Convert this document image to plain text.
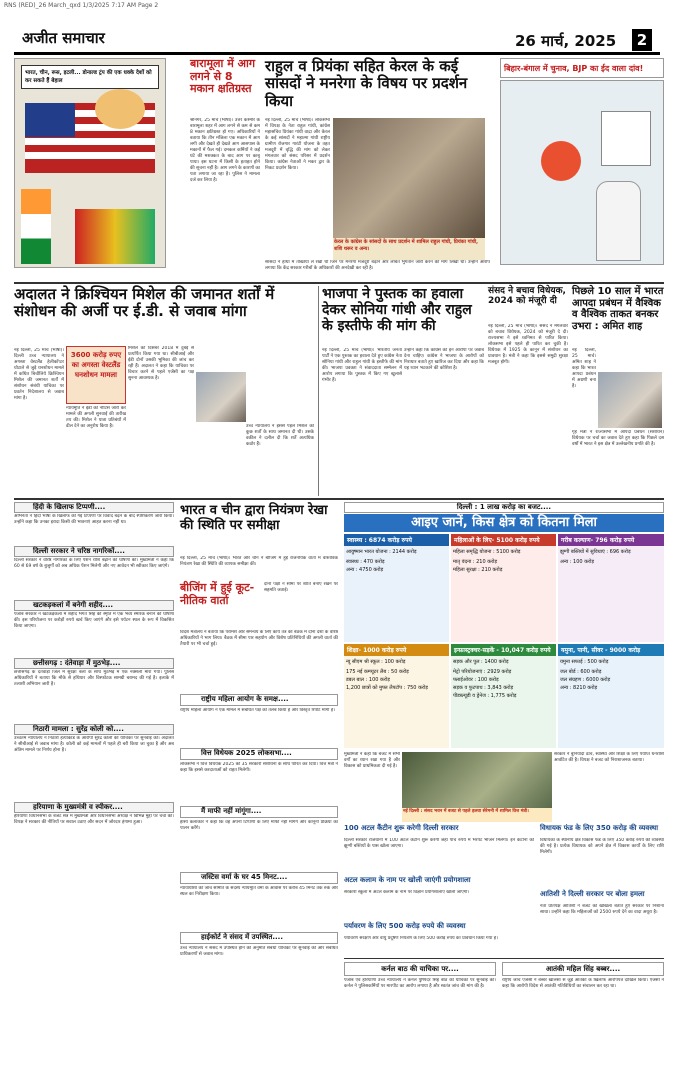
RNS (RED)_26 March_qxd 1/3/2025 7:17 AM Page 2
अजीत समाचार	26 मार्च, 2025	2
भारत, चीन, रूस, इटली... डोनाल्ड ट्रंप की एक धक्के देशों को कर सकते हैं बेहाल
बारामूला में आग लगने से 8 मकान क्षतिग्रस्त
श्रीनगर, 25 मार्च (भाषा)। उत्तर कश्मीर के बारामूला शहर में आग लगने से कम से कम 8 मकान क्षतिग्रस्त हो गए। अधिकारियों ने बताया कि तीन मंजिला एक मकान में आग लगी और देखते ही देखते आग आसपास के मकानों में फैल गई। दमकल कर्मियों ने कई घंटे की मशक्कत के बाद आग पर काबू पाया। इस घटना में किसी के हताहत होने की सूचना नहीं है। आग लगने के कारणों का पता लगाया जा रहा है। पुलिस ने मामला दर्ज कर लिया है।
राहुल व प्रियंका सहित केरल के कई सांसदों ने मनरेगा के विषय पर प्रदर्शन किया
नई दिल्ली, 25 मार्च (भाषा)। लोकसभा में विपक्ष के नेता राहुल गांधी, कांग्रेस महासचिव प्रियंका गांधी वाद्रा और केरल के कई सांसदों ने महात्मा गांधी राष्ट्रीय ग्रामीण रोजगार गारंटी योजना के तहत मजदूरी में वृद्धि की मांग को लेकर मंगलवार को संसद परिसर में प्रदर्शन किया। कांग्रेस नेताओं ने मकर द्वार के निकट प्रदर्शन किया।
केरल के कांग्रेस के सांसदों के साथ प्रदर्शन में शामिल राहुल गांधी, प्रियंका गांधी, शशि थरूर व अन्य।
सांसदों ने हाथों में तख्तियां ले रखी थीं जिन पर मनरेगा मजदूरी बढ़ाने और लंबित भुगतान जारी करने की मांग लिखी थी। उन्होंने आरोप लगाया कि केंद्र सरकार गरीबों के अधिकारों की अनदेखी कर रही है।
बिहार-बंगाल में चुनाव, BJP का ईद वाला दांव!
अदालत ने क्रिश्चियन मिशेल की जमानत शर्तों में संशोधन की अर्जी पर ई.डी. से जवाब मांगा
नई दिल्ली, 25 मार्च (भाषा)। दिल्ली उच्च न्यायालय ने अगस्ता वेस्टलैंड हेलीकॉप्टर घोटाले से जुड़े धनशोधन मामले में कथित बिचौलिये क्रिश्चियन मिशेल की जमानत शर्तों में संशोधन संबंधी याचिका पर प्रवर्तन निदेशालय से जवाब मांगा है।
3600 करोड़ रुपए का अगस्ता वेस्टलैंड घनशोधन मामला
न्यायमूर्ति ने ईडी को नोटिस जारी कर मामले की अगली सुनवाई की तारीख तय की। मिशेल ने यात्रा प्रतिबंधों में ढील देने का अनुरोध किया है।
मिशेल को दिसंबर 2018 में दुबई से प्रत्यर्पित किया गया था। सीबीआई और ईडी दोनों उसकी भूमिका की जांच कर रही हैं। अदालत ने कहा कि याचिका पर विचार करने से पहले एजेंसी का पक्ष सुनना आवश्यक है।
उच्च न्यायालय ने इससे पहले मिशेल को कुछ शर्तों के साथ जमानत दी थी। उसके वकील ने दलील दी कि शर्तें अत्यधिक कठोर हैं।
भाजपा ने पुस्तक का हवाला देकर सोनिया गांधी और राहुल के इस्तीफे की मांग की
नई दिल्ली, 25 मार्च (भाषा)। भारतीय जनता पार्टी ने एक पुस्तक का हवाला देते हुए कांग्रेस नेता सोनिया गांधी और राहुल गांधी के इस्तीफे की मांग की। भाजपा प्रवक्ता ने संवाददाता सम्मेलन में आरोप लगाया कि पुस्तक में किए गए खुलासे गंभीर हैं।
उन्होंने कहा कि कांग्रेस को इन आरोपों पर जवाब देना चाहिए। कांग्रेस ने भाजपा के आरोपों को निराधार बताते हुए खारिज कर दिया और कहा कि यह ध्यान भटकाने की कोशिश है।
संसद ने बचाव विधेयक, 2024 को मंजूरी दी
नई दिल्ली, 25 मार्च (भाषा)। संसद ने मंगलवार को बचाव विधेयक, 2024 को मंजूरी दे दी। राज्यसभा ने इसे ध्वनिमत से पारित किया। लोकसभा इसे पहले ही पारित कर चुकी है। विधेयक में 1925 के कानून में संशोधन का प्रावधान है। मंत्री ने कहा कि इससे समुद्री सुरक्षा मजबूत होगी।
पिछले 10 साल में भारत आपदा प्रबंधन में वैश्विक व वैश्विक ताकत बनकर उभरा : अमित शाह
नई दिल्ली, 25 मार्च। अमित शाह ने कहा कि भारत आपदा प्रबंधन में अग्रणी बना है।
गृह मंत्री ने राज्यसभा में आपदा प्रबंधन (संशोधन) विधेयक पर चर्चा का जवाब देते हुए कहा कि पिछले दस वर्षों में भारत ने इस क्षेत्र में उल्लेखनीय प्रगति की है।
हिंदी के खिलाफ टिप्पणी....
अभिनेता ने हिंदी भाषा के खिलाफ की गई टिप्पणी पर विवाद बढ़ने के बाद स्पष्टीकरण जारी किया। उन्होंने कहा कि उनका इरादा किसी की भावनाएं आहत करना नहीं था।
दिल्ली सरकार ने चरिष्ठ नागरिकों....
दिल्ली सरकार ने वरिष्ठ नागरिकों के लिए पेंशन राशि बढ़ाने की घोषणा की। मुख्यमंत्री ने कहा कि 60 से 69 वर्ष के बुजुर्गों को अब अधिक पेंशन मिलेगी और नए आवेदन भी स्वीकार किए जाएंगे।
खटकड़कलां में बनेगी शहीद....
पंजाब सरकार ने खटकड़कलां में शहीद भगत सिंह की स्मृति में एक भव्य स्मारक बनाने की घोषणा की। इस परियोजना पर करोड़ों रुपये खर्च किए जाएंगे और इसे पर्यटन स्थल के रूप में विकसित किया जाएगा।
छत्तीसगढ़ : दंतेवाड़ा में मुठभेड़....
छत्तीसगढ़ के दंतेवाड़ा जिले में सुरक्षा बलों के साथ मुठभेड़ में एक नक्सली मारा गया। पुलिस अधिकारियों ने बताया कि मौके से हथियार और विस्फोटक सामग्री बरामद की गई है। इलाके में तलाशी अभियान जारी है।
निठारी मामला : सुरेंद्र कोली को....
उच्चतम न्यायालय ने निठारी हत्याकांड के आरोपी सुरेंद्र कोली की याचिका पर सुनवाई की। अदालत ने सीबीआई से जवाब मांगा है। कोली को कई मामलों में पहले ही बरी किया जा चुका है और अब अंतिम मामले पर निर्णय होना है।
हरियाणा के मुख्यमंत्री व स्पीकर....
हरियाणा विधानसभा के बजट सत्र में मुख्यमंत्री और विधानसभा अध्यक्ष ने विभिन्न मुद्दों पर चर्चा की। विपक्ष ने सरकार की नीतियों पर सवाल उठाए और सदन में जोरदार हंगामा हुआ।
भारत व चीन द्वारा नियंत्रण रेखा की स्थिति पर समीक्षा
नई दिल्ली, 25 मार्च (भाषा)। भारत और चीन ने बीजिंग में हुई राजनयिक वार्ता में वास्तविक नियंत्रण रेखा की स्थिति की व्यापक समीक्षा की।
बीजिंग में हुई कूट-नीतिक वार्ता
दोनों पक्षों ने सीमा पर शांति बनाए रखने पर सहमति जताई।
विदेश मंत्रालय ने बताया कि परामर्श और समन्वय के लिए कार्य तंत्र की बैठक में दोनों देशों के वरिष्ठ अधिकारियों ने भाग लिया। बैठक में सीमा पार सहयोग और विशेष प्रतिनिधियों की अगली वार्ता की तैयारी पर भी चर्चा हुई।
राष्ट्रीय महिला आयोग के समक्ष....
राष्ट्रीय महिला आयोग ने एक मामले में संबंधित पक्ष को तलब किया है और विस्तृत रिपोर्ट मांगी है।
वित्त विधेयक 2025 लोकसभा....
लोकसभा ने वित्त विधेयक 2025 को 35 सरकारी संशोधनों के साथ पारित कर दिया। वित्त मंत्री ने कहा कि इससे करदाताओं को राहत मिलेगी।
मैं माफी नहीं मांगूंगा....
हास्य कलाकार ने कहा कि वह अपनी टिप्पणी के लिए माफी नहीं मांगेंगे और कानूनी प्रक्रिया का पालन करेंगे।
जस्टिस वर्मा के घर 45 मिनट....
न्यायाधीशों की जांच समिति के सदस्य न्यायमूर्ति वर्मा के आवास पर करीब 45 मिनट तक रुके और स्थल का निरीक्षण किया।
हाईकोर्ट ने संसद में उपस्थित....
उच्च न्यायालय ने संसद में उपस्थित होने की अनुमति संबंधी याचिका पर सुनवाई की और संबंधित प्राधिकरणों से जवाब मांगा।
दिल्ली : 1 लाख करोड़ का बजट....
आइए जानें, किस क्षेत्र को कितना मिला
स्वास्थ्य : 6874 करोड़ रुपये
आयुष्मान भारत योजना : 2144 करोड़
स्वास्थ्य : 470 करोड़
अन्य : 4750 करोड़
महिलाओं के लिए- 5100 करोड़ रुपये
महिला समृद्धि योजना : 5100 करोड़
मातृ वंदना : 210 करोड़
महिला सुरक्षा : 210 करोड़
गरीब कल्याण- 796 करोड़ रुपये
झुग्गी बस्तियों में सुविधाएं : 696 करोड़
अन्य : 100 करोड़
शिक्षा- 1000 करोड़ रुपये
न्यू सीएम श्री स्कूल : 100 करोड़
175 नई कम्प्यूटर लैब : 50 करोड़
डबल बाल : 100 करोड़
1,200 छात्रों को मुफ्त लैपटॉप : 750 करोड़
इन्फ्रास्ट्रक्चर-सड़कें - 10,047 करोड़ रुपये
सड़क और पुल : 1400 करोड़
मेट्रो परियोजनाएं : 2929 करोड़
फ्लाईओवर : 100 करोड़
सड़क व फुटपाथ : 3,843 करोड़
पीडब्ल्यूडी व ड्रेनेज : 1,775 करोड़
यमुना, पानी, सीवर - 9000 करोड़
यमुना सफाई : 500 करोड़
जल बोर्ड : 600 करोड़
जल संग्रहण : 6000 करोड़
अन्य : 8210 करोड़
मुख्यमंत्री ने कहा कि बजट में सभी वर्गों का ध्यान रखा गया है और विकास को प्राथमिकता दी गई है।
नई दिल्ली : संसद भवन में बजट से पहले हलवा सेरेमनी में शामिल वित्त मंत्री।
सरकार ने बुनियादी ढांचे, स्वास्थ्य और शिक्षा के लिए पर्याप्त धनराशि आवंटित की है। विपक्ष ने बजट को निराशाजनक बताया।
100 अटल कैंटीन शुरू करेगी दिल्ली सरकार
दिल्ली सरकार राजधानी में 100 अटल कैंटीन शुरू करेगी जहां पांच रुपये में भरपेट भोजन मिलेगा। इन कैंटीनों को झुग्गी बस्तियों के पास खोला जाएगा।
अटल कलाम के नाम पर खोली जाएंगी प्रयोगशाला
सरकारी स्कूलों में अटल कलाम के नाम पर विज्ञान प्रयोगशालाएं खोली जाएंगी।
पर्यावरण के लिए 500 करोड़ रुपये की व्यवस्था
पर्यावरण संरक्षण और वायु प्रदूषण नियंत्रण के लिए 500 करोड़ रुपये का प्रावधान किया गया है।
विधायक फंड के लिए 350 करोड़ की व्यवस्था
विधायकों के स्थानीय क्षेत्र विकास फंड के लिए 350 करोड़ रुपये की व्यवस्था की गई है। प्रत्येक विधायक को अपने क्षेत्र में विकास कार्यों के लिए राशि मिलेगी।
आतिशी ने दिल्ली सरकार पर बोला हमला
नेता प्रतिपक्ष आतिशी ने बजट को खोखला बताते हुए सरकार पर निशाना साधा। उन्होंने कहा कि महिलाओं को 2500 रुपये देने का वादा अधूरा है।
कर्नल बाठ की याचिका पर....
पंजाब एवं हरियाणा उच्च न्यायालय ने कर्नल पुष्पिंदर सिंह बाठ की याचिका पर सुनवाई की। कर्नल ने पुलिसकर्मियों पर मारपीट का आरोप लगाया है और स्वतंत्र जांच की मांग की है।
आतंकी महिल सिंह बब्बर....
राष्ट्रीय जांच एजेंसी ने बब्बर खालसा से जुड़े आतंकी के खिलाफ आरोपपत्र दाखिल किया। एजेंसी ने कहा कि आरोपी विदेश से आतंकी गतिविधियों का संचालन कर रहा था।
